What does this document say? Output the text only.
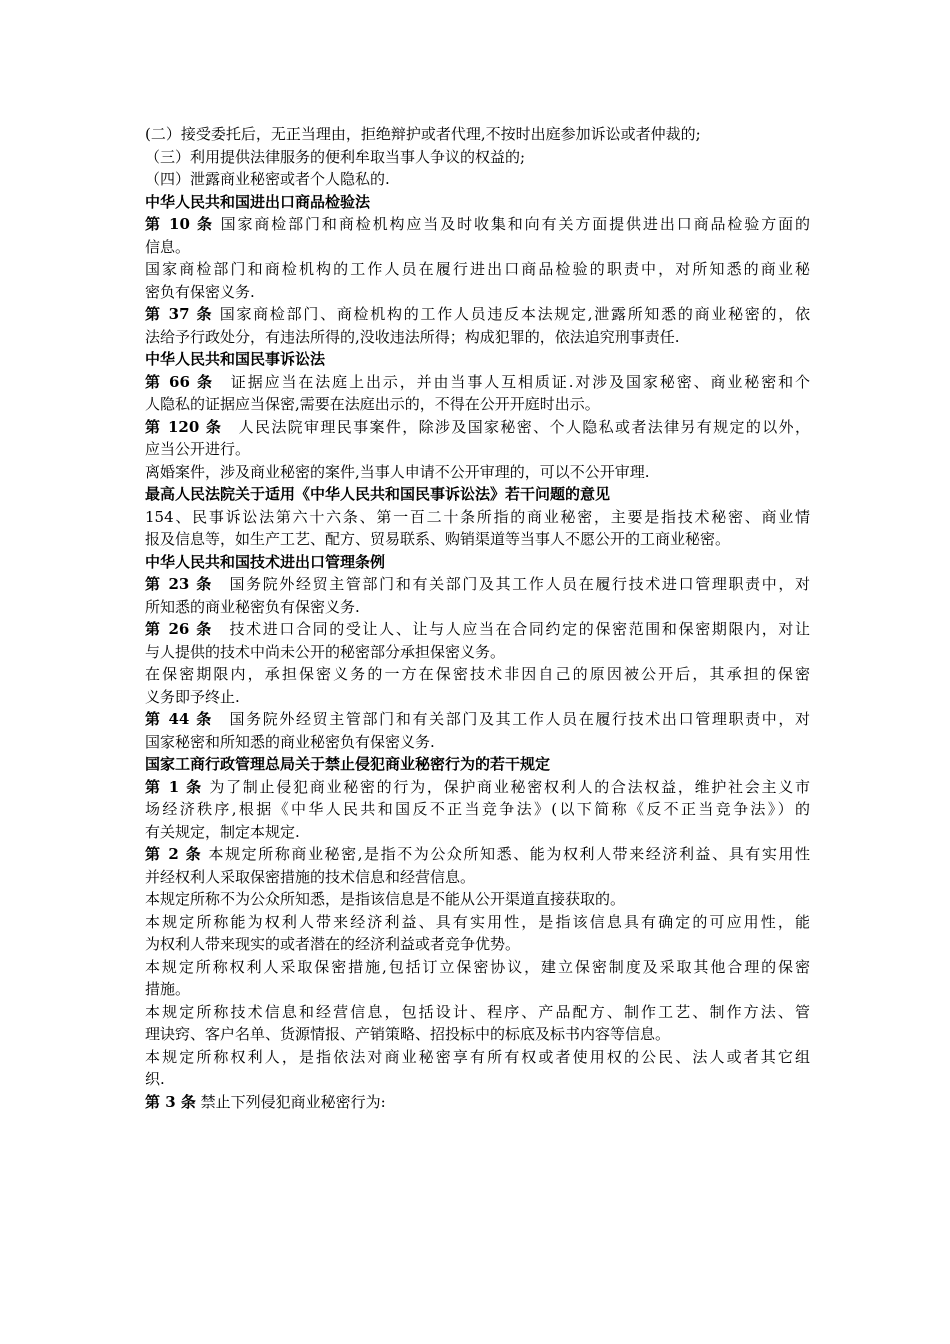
(二）接受委托后，无正当理由，拒绝辩护或者代理,不按时出庭参加诉讼或者仲裁的;
（三）利用提供法律服务的便利牟取当事人争议的权益的;
（四）泄露商业秘密或者个人隐私的.
中华人民共和国进出口商品检验法
第 10 条 国家商检部门和商检机构应当及时收集和向有关方面提供进出口商品检验方面的
信息。
国家商检部门和商检机构的工作人员在履行进出口商品检验的职责中，对所知悉的商业秘
密负有保密义务.
第 37 条 国家商检部门、商检机构的工作人员违反本法规定,泄露所知悉的商业秘密的，依
法给予行政处分，有违法所得的,没收违法所得；构成犯罪的，依法追究刑事责任.
中华人民共和国民事诉讼法
第 66 条　证据应当在法庭上出示，并由当事人互相质证.对涉及国家秘密、商业秘密和个
人隐私的证据应当保密,需要在法庭出示的，不得在公开开庭时出示。
第 120 条　人民法院审理民事案件，除涉及国家秘密、个人隐私或者法律另有规定的以外，
应当公开进行。
离婚案件，涉及商业秘密的案件,当事人申请不公开审理的，可以不公开审理.
最高人民法院关于适用《中华人民共和国民事诉讼法》若干问题的意见
154、民事诉讼法第六十六条、第一百二十条所指的商业秘密，主要是指技术秘密、商业情
报及信息等，如生产工艺、配方、贸易联系、购销渠道等当事人不愿公开的工商业秘密。
中华人民共和国技术进出口管理条例
第 23 条　国务院外经贸主管部门和有关部门及其工作人员在履行技术进口管理职责中，对
所知悉的商业秘密负有保密义务.
第 26 条　技术进口合同的受让人、让与人应当在合同约定的保密范围和保密期限内，对让
与人提供的技术中尚未公开的秘密部分承担保密义务。
在保密期限内，承担保密义务的一方在保密技术非因自己的原因被公开后，其承担的保密
义务即予终止.
第 44 条　国务院外经贸主管部门和有关部门及其工作人员在履行技术出口管理职责中，对
国家秘密和所知悉的商业秘密负有保密义务.
国家工商行政管理总局关于禁止侵犯商业秘密行为的若干规定
第 1 条 为了制止侵犯商业秘密的行为，保护商业秘密权利人的合法权益，维护社会主义市
场经济秩序,根据《中华人民共和国反不正当竞争法》(以下简称《反不正当竞争法》）的
有关规定，制定本规定.
第 2 条 本规定所称商业秘密,是指不为公众所知悉、能为权利人带来经济利益、具有实用性
并经权利人采取保密措施的技术信息和经营信息。
本规定所称不为公众所知悉，是指该信息是不能从公开渠道直接获取的。
本规定所称能为权利人带来经济利益、具有实用性，是指该信息具有确定的可应用性，能
为权利人带来现实的或者潜在的经济利益或者竞争优势。
本规定所称权利人采取保密措施,包括订立保密协议，建立保密制度及采取其他合理的保密
措施。
本规定所称技术信息和经营信息，包括设计、程序、产品配方、制作工艺、制作方法、管
理诀窍、客户名单、货源情报、产销策略、招投标中的标底及标书内容等信息。
本规定所称权利人，是指依法对商业秘密享有所有权或者使用权的公民、法人或者其它组
织.
第 3 条 禁止下列侵犯商业秘密行为:
